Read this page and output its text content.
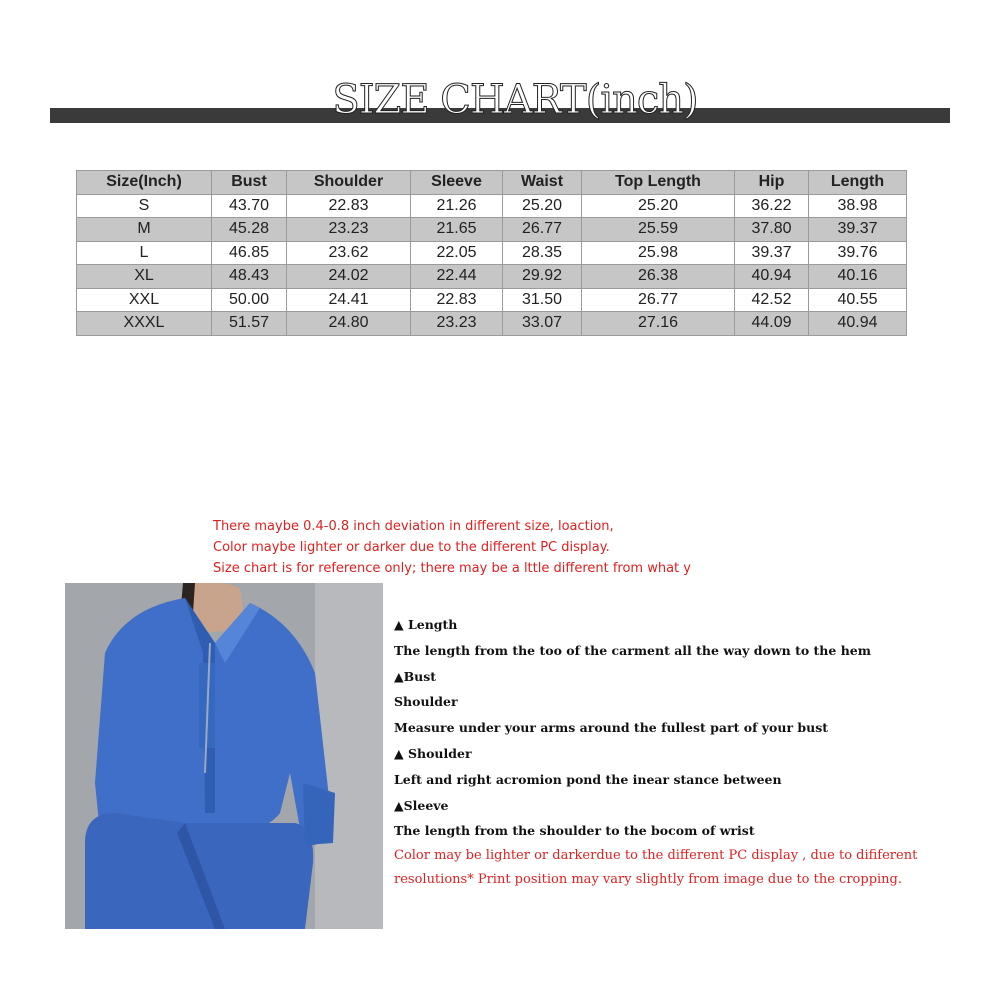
SIZE CHART(inch)
Size(Inch)	Bust	Shoulder	Sleeve	Waist	Top Length	Hip	Length
S	43.70	22.83	21.26	25.20	25.20	36.22	38.98
M	45.28	23.23	21.65	26.77	25.59	37.80	39.37
L	46.85	23.62	22.05	28.35	25.98	39.37	39.76
XL	48.43	24.02	22.44	29.92	26.38	40.94	40.16
XXL	50.00	24.41	22.83	31.50	26.77	42.52	40.55
XXXL	51.57	24.80	23.23	33.07	27.16	44.09	40.94
There maybe 0.4-0.8 inch deviation in different size, loaction,
Color maybe lighter or darker due to the different PC display.
Size chart is for reference only; there may be a lttle different from what y
▲ Length
The length from the too of the carment all the way down to the hem
▲Bust
Shoulder
Measure under your arms around the fullest part of your bust
▲ Shoulder
Left and right acromion pond the inear stance between
▲Sleeve
The length from the shoulder to the bocom of wrist
Color may be lighter or darkerdue to the different PC display , due to dififerent resolutions* Print position may vary slightly from image due to the cropping.
